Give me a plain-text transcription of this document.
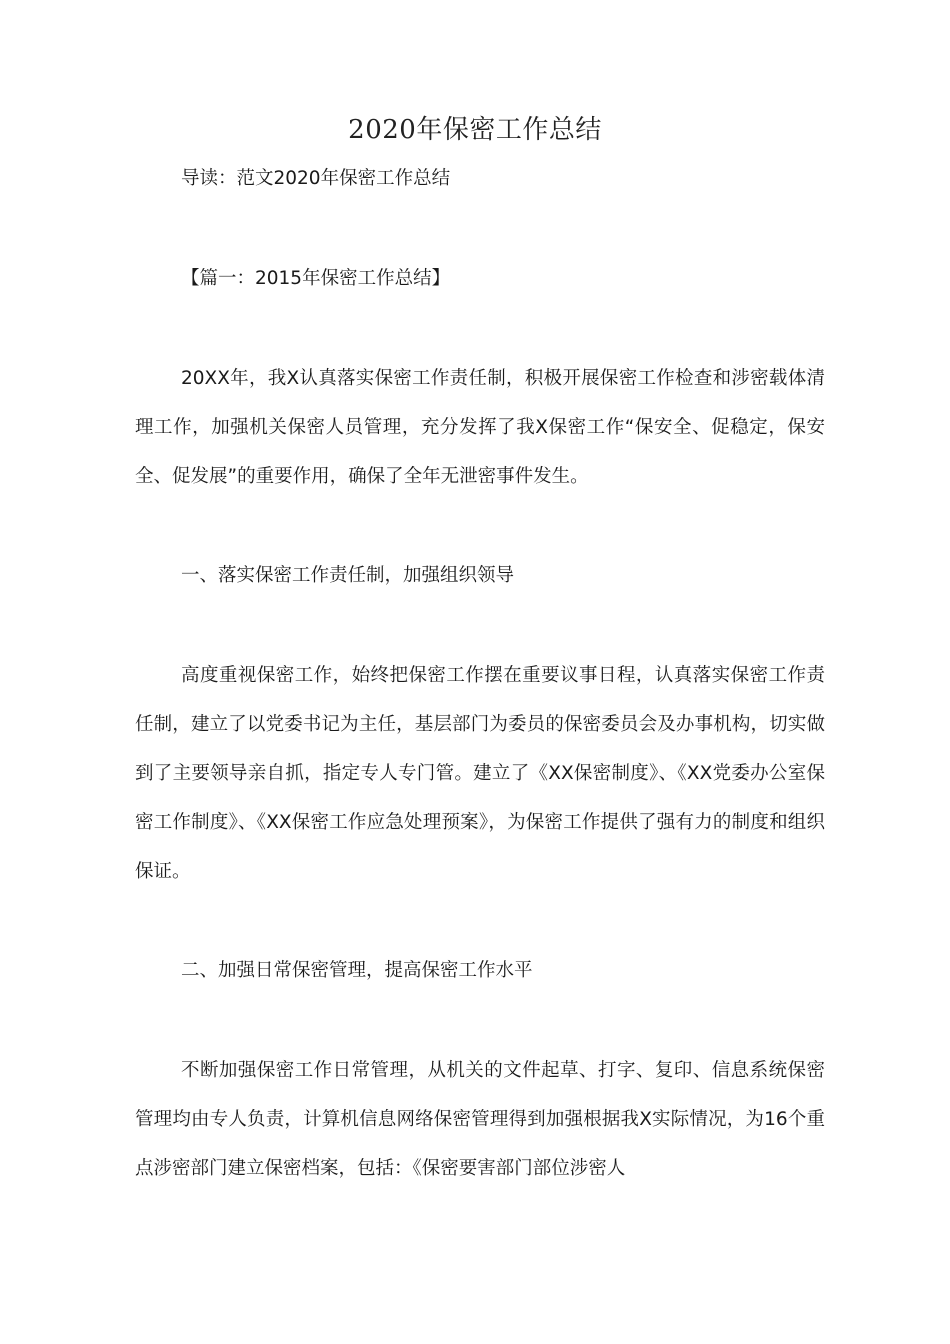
2020年保密工作总结

导读：范文2020年保密工作总结

【篇一：2015年保密工作总结】

20XX年，我X认真落实保密工作责任制，积极开展保密工作检查和涉密载体清理工作，加强机关保密人员管理，充分发挥了我X保密工作“保安全、促稳定，保安全、促发展”的重要作用，确保了全年无泄密事件发生。

一、落实保密工作责任制，加强组织领导

高度重视保密工作，始终把保密工作摆在重要议事日程，认真落实保密工作责任制，建立了以党委书记为主任，基层部门为委员的保密委员会及办事机构，切实做到了主要领导亲自抓，指定专人专门管。建立了《XX保密制度》、《XX党委办公室保密工作制度》、《XX保密工作应急处理预案》，为保密工作提供了强有力的制度和组织保证。

二、加强日常保密管理，提高保密工作水平

不断加强保密工作日常管理，从机关的文件起草、打字、复印、信息系统保密管理均由专人负责，计算机信息网络保密管理得到加强根据我X实际情况，为16个重点涉密部门建立保密档案，包括：《保密要害部门部位涉密人
